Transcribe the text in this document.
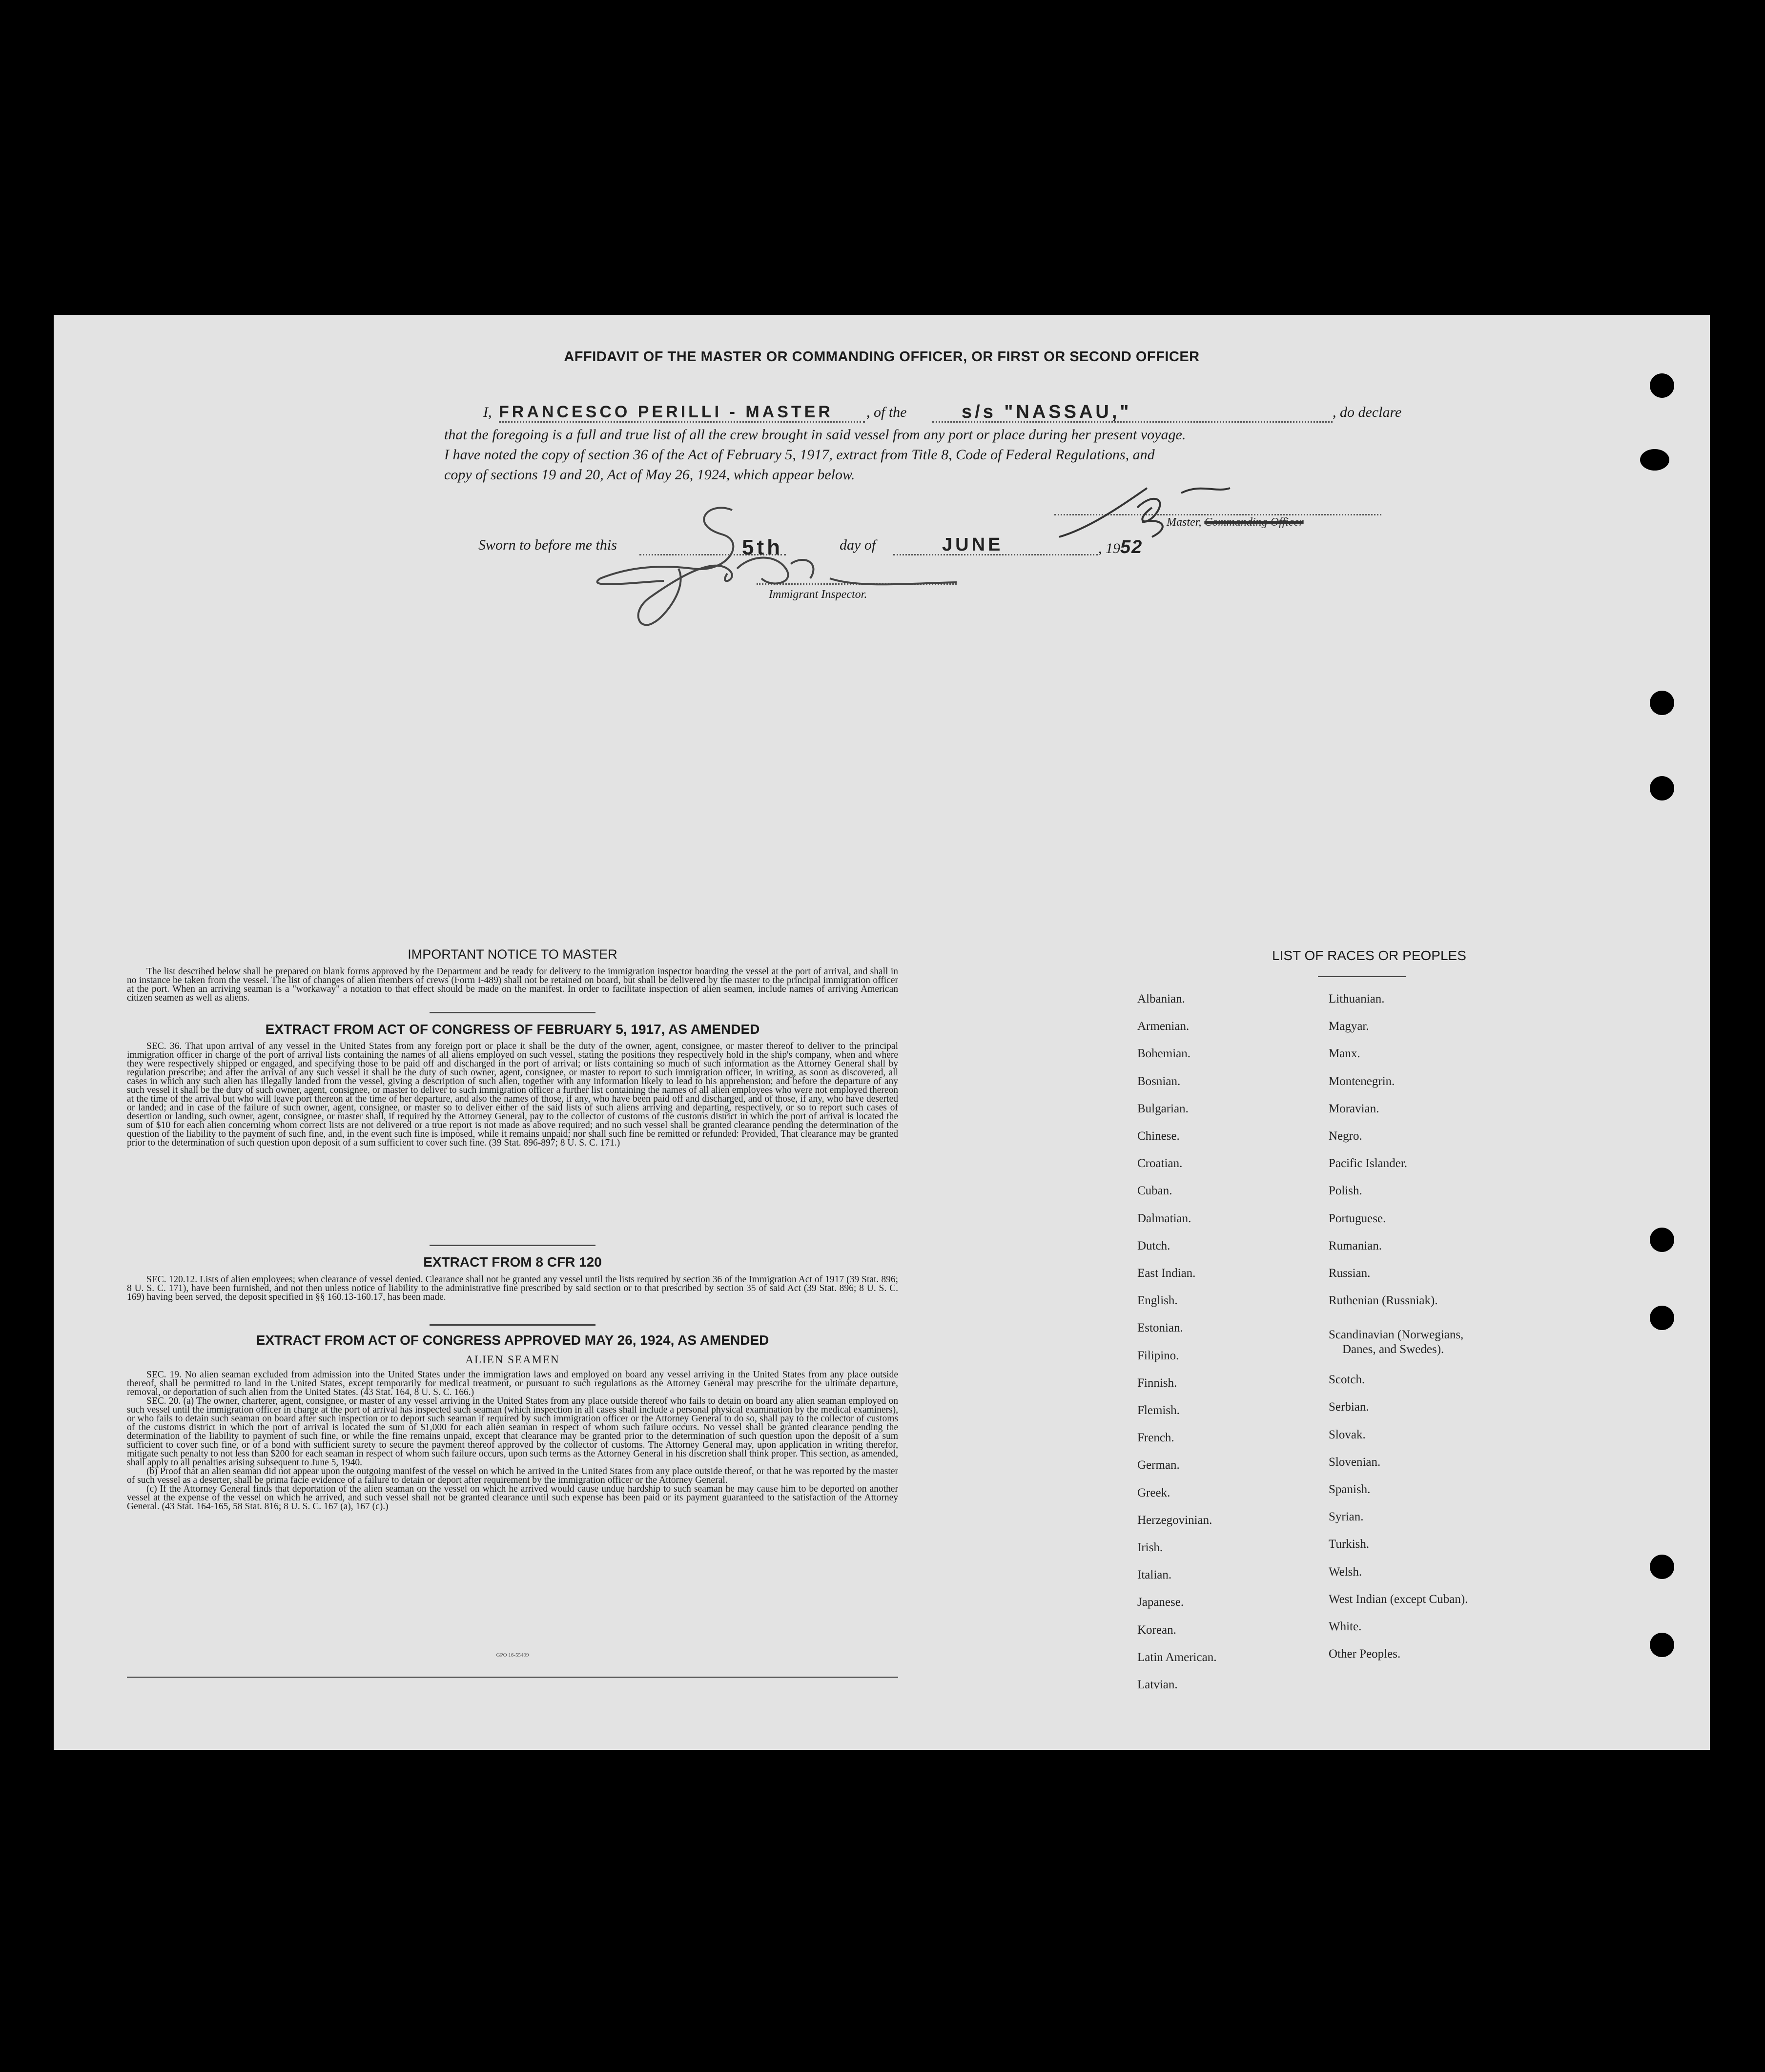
AFFIDAVIT OF THE MASTER OR COMMANDING OFFICER, OR FIRST OR SECOND OFFICER
I, FRANCESCO PERILLI - MASTER	, of the	s/s "NASSAU,"	, do declare
that the foregoing is a full and true list of all the crew brought in said vessel from any port or place during her present voyage.
I have noted the copy of section 36 of the Act of February 5, 1917, extract from Title 8, Code of Federal Regulations, and
copy of sections 19 and 20, Act of May 26, 1924, which appear below.
Sworn to before me this	5th	day of	JUNE	, 1952
Master, Commanding Officer
Immigrant Inspector.
IMPORTANT NOTICE TO MASTER

The list described below shall be prepared on blank forms approved by the Department and be ready for delivery to the immigration inspector boarding the vessel at the port of arrival, and shall in no instance be taken from the vessel. The list of changes of alien members of crews (Form I-489) shall not be retained on board, but shall be delivered by the master to the principal immigration officer at the port. When an arriving seaman is a "workaway" a notation to that effect should be made on the manifest. In order to facilitate inspection of alien seamen, include names of arriving American citizen seamen as well as aliens.

EXTRACT FROM ACT OF CONGRESS OF FEBRUARY 5, 1917, AS AMENDED

SEC. 36. That upon arrival of any vessel in the United States from any foreign port or place it shall be the duty of the owner, agent, consignee, or master thereof to deliver to the principal immigration officer in charge of the port of arrival lists containing the names of all aliens employed on such vessel, stating the positions they respectively hold in the ship's company, when and where they were respectively shipped or engaged, and specifying those to be paid off and discharged in the port of arrival; or lists containing so much of such information as the Attorney General shall by regulation prescribe; and after the arrival of any such vessel it shall be the duty of such owner, agent, consignee, or master to report to such immigration officer, in writing, as soon as discovered, all cases in which any such alien has illegally landed from the vessel, giving a description of such alien, together with any information likely to lead to his apprehension; and before the departure of any such vessel it shall be the duty of such owner, agent, consignee, or master to deliver to such immigration officer a further list containing the names of all alien employees who were not employed thereon at the time of the arrival but who will leave port thereon at the time of her departure, and also the names of those, if any, who have been paid off and discharged, and of those, if any, who have deserted or landed; and in case of the failure of such owner, agent, consignee, or master so to deliver either of the said lists of such aliens arriving and departing, respectively, or so to report such cases of desertion or landing, such owner, agent, consignee, or master shall, if required by the Attorney General, pay to the collector of customs of the customs district in which the port of arrival is located the sum of $10 for each alien concerning whom correct lists are not delivered or a true report is not made as above required; and no such vessel shall be granted clearance pending the determination of the question of the liability to the payment of such fine, and, in the event such fine is imposed, while it remains unpaid; nor shall such fine be remitted or refunded: Provided, That clearance may be granted prior to the determination of such question upon deposit of a sum sufficient to cover such fine. (39 Stat. 896-897; 8 U. S. C. 171.)

EXTRACT FROM 8 CFR 120

SEC. 120.12. Lists of alien employees; when clearance of vessel denied. Clearance shall not be granted any vessel until the lists required by section 36 of the Immigration Act of 1917 (39 Stat. 896; 8 U. S. C. 171), have been furnished, and not then unless notice of liability to the administrative fine prescribed by said section or to that prescribed by section 35 of said Act (39 Stat. 896; 8 U. S. C. 169) having been served, the deposit specified in §§ 160.13-160.17, has been made.

EXTRACT FROM ACT OF CONGRESS APPROVED MAY 26, 1924, AS AMENDED
ALIEN SEAMEN

SEC. 19. No alien seaman excluded from admission into the United States under the immigration laws and employed on board any vessel arriving in the United States from any place outside thereof, shall be permitted to land in the United States, except temporarily for medical treatment, or pursuant to such regulations as the Attorney General may prescribe for the ultimate departure, removal, or deportation of such alien from the United States. (43 Stat. 164, 8 U. S. C. 166.)

SEC. 20. (a) The owner, charterer, agent, consignee, or master of any vessel arriving in the United States from any place outside thereof who fails to detain on board any alien seaman employed on such vessel until the immigration officer in charge at the port of arrival has inspected such seaman (which inspection in all cases shall include a personal physical examination by the medical examiners), or who fails to detain such seaman on board after such inspection or to deport such seaman if required by such immigration officer or the Attorney General to do so, shall pay to the collector of customs of the customs district in which the port of arrival is located the sum of $1,000 for each alien seaman in respect of whom such failure occurs. No vessel shall be granted clearance pending the determination of the liability to payment of such fine, or while the fine remains unpaid, except that clearance may be granted prior to the determination of such question upon the deposit of a sum sufficient to cover such fine, or of a bond with sufficient surety to secure the payment thereof approved by the collector of customs. The Attorney General may, upon application in writing therefor, mitigate such penalty to not less than $200 for each seaman in respect of whom such failure occurs, upon such terms as the Attorney General in his discretion shall think proper. This section, as amended, shall apply to all penalties arising subsequent to June 5, 1940.

(b) Proof that an alien seaman did not appear upon the outgoing manifest of the vessel on which he arrived in the United States from any place outside thereof, or that he was reported by the master of such vessel as a deserter, shall be prima facie evidence of a failure to detain or deport after requirement by the immigration officer or the Attorney General.

(c) If the Attorney General finds that deportation of the alien seaman on the vessel on which he arrived would cause undue hardship to such seaman he may cause him to be deported on another vessel at the expense of the vessel on which he arrived, and such vessel shall not be granted clearance until such expense has been paid or its payment guaranteed to the satisfaction of the Attorney General. (43 Stat. 164-165, 58 Stat. 816; 8 U. S. C. 167 (a), 167 (c).)

GPO 16-55499
LIST OF RACES OR PEOPLES
Albanian.
Armenian.
Bohemian.
Bosnian.
Bulgarian.
Chinese.
Croatian.
Cuban.
Dalmatian.
Dutch.
East Indian.
English.
Estonian.
Filipino.
Finnish.
Flemish.
French.
German.
Greek.
Herzegovinian.
Irish.
Italian.
Japanese.
Korean.
Latin American.
Latvian.
Lithuanian.
Magyar.
Manx.
Montenegrin.
Moravian.
Negro.
Pacific Islander.
Polish.
Portuguese.
Rumanian.
Russian.
Ruthenian (Russniak).
Scandinavian (Norwegians,
Danes, and Swedes).
Scotch.
Serbian.
Slovak.
Slovenian.
Spanish.
Syrian.
Turkish.
Welsh.
West Indian (except Cuban).
White.
Other Peoples.
